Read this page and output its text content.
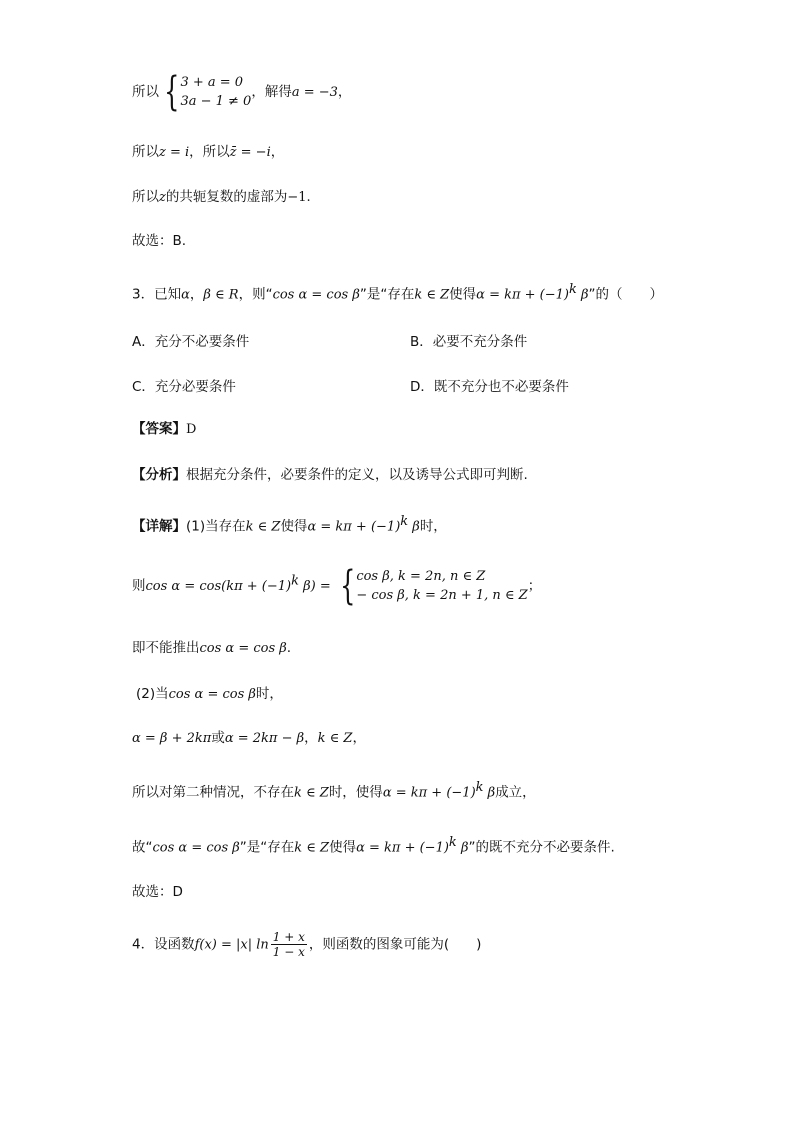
所以 { 3 + a = 0
3a − 1 ≠ 0
，解得a = −3，
所以z = i，所以z̄ = −i，
所以z的共轭复数的虚部为−1.
故选：B.
3．已知α，β ∈ R，则“cos α = cos β”是“存在k ∈ Z使得$\alpha = k\pi + (-1)^k$ β”的（　　）
A．充分不必要条件	B．必要不充分条件
C．充分必要条件	D．既不充分也不必要条件
【答案】D
【分析】根据充分条件，必要条件的定义，以及诱导公式即可判断.
【详解】(1)当存在k ∈ Z使得$\alpha = k\pi + (-1)^k$ β时，
则$\cos \alpha = \cos(k\pi + (-1)^k$ β) = { cos β, k = 2n, n ∈ Z
− cos β, k = 2n + 1, n ∈ Z
；
即不能推出cos α = cos β.
(2)当cos α = cos β时，
α = β + 2kπ或α = 2kπ − β，k ∈ Z，
所以对第二种情况，不存在k ∈ Z时，使得$\alpha = k\pi + (-1)^k$ β成立，
故“cos α = cos β”是“存在k ∈ Z使得$\alpha = k\pi + (-1)^k$ β”的既不充分不必要条件.
故选：D
4．设函数f(x) = |x| $\ln \frac{1 + x}{1 - x}$ ，则函数的图象可能为(　　)
